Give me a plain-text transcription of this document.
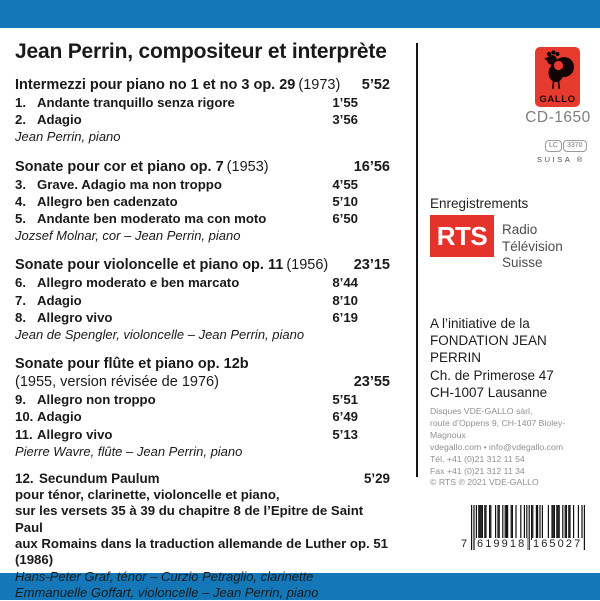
Jean Perrin, compositeur et interprète
Intermezzi pour piano no 1 et no 3 op. 29 (1973) 5’52
1. Andante tranquillo senza rigore	1’55
2. Adagio	3’56
Jean Perrin, piano
Sonate pour cor et piano op. 7 (1953)	16’56
3. Grave. Adagio ma non troppo	4’55
4. Allegro ben cadenzato	5’10
5. Andante ben moderato ma con moto	6’50
Jozsef Molnar, cor – Jean Perrin, piano
Sonate pour violoncelle et piano op. 11 (1956) 23’15
6. Allegro moderato e ben marcato	8’44
7. Adagio	8’10
8. Allegro vivo	6’19
Jean de Spengler, violoncelle – Jean Perrin, piano
Sonate pour flûte et piano op. 12b
(1955, version révisée de 1976)	23’55
9. Allegro non troppo	5’51
10. Adagio	6’49
11. Allegro vivo	5’13
Pierre Wavre, flûte – Jean Perrin, piano
12. Secundum Paulum	5’29
pour ténor, clarinette, violoncelle et piano,
sur les versets 35 à 39 du chapitre 8 de l’Epitre de Saint Paul
aux Romains dans la traduction allemande de Luther op. 51 (1986)
Hans-Peter Graf, ténor – Curzio Petraglio, clarinette
Emmanuelle Goffart, violoncelle – Jean Perrin, piano
GALLO
CD-1650
LC	3370
SUISA ®
Enregistrements
RTS Radio Télévision
Suisse
A l’initiative de la
FONDATION JEAN PERRIN
Ch. de Primerose 47
CH-1007 Lausanne
Disques VDE-GALLO sàrl,
route d’Oppens 9, CH-1407 Bioley-Magnoux
vdegallo.com • info@vdegallo.com
Tél. +41 (0)21 312 11 54
Fax +41 (0)21 312 11 34
© RTS ℗ 2021 VDE-GALLO
7 619918 165027
